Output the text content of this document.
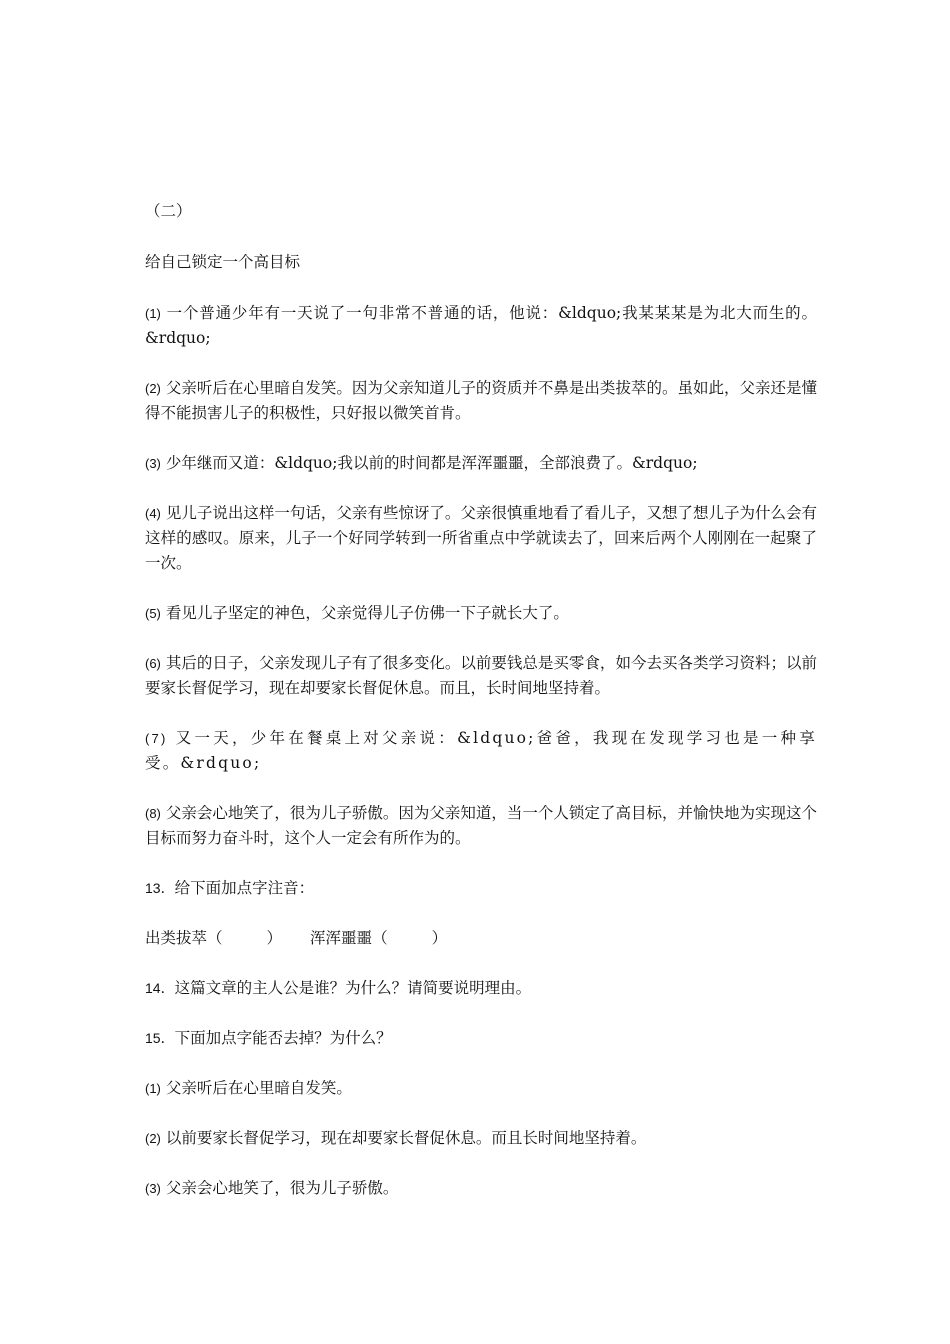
（二）

给自己锁定一个高目标

(1) 一个普通少年有一天说了一句非常不普通的话，他说：&ldquo;我某某某是为北大而生的。&rdquo;

(2) 父亲听后在心里暗自发笑。因为父亲知道儿子的资质并不鼻是出类拔萃的。虽如此，父亲还是懂得不能损害儿子的积极性，只好报以微笑首肯。

(3) 少年继而又道：&ldquo;我以前的时间都是浑浑噩噩，全部浪费了。&rdquo;

(4) 见儿子说出这样一句话，父亲有些惊讶了。父亲很慎重地看了看儿子，又想了想儿子为什么会有这样的感叹。原来，儿子一个好同学转到一所省重点中学就读去了，回来后两个人刚刚在一起聚了一次。

(5) 看见儿子坚定的神色，父亲觉得儿子仿佛一下子就长大了。

(6) 其后的日子，父亲发现儿子有了很多变化。以前要钱总是买零食，如今去买各类学习资料；以前要家长督促学习，现在却要家长督促休息。而且，长时间地坚持着。

(7) 又一天，少年在餐桌上对父亲说：&ldquo;爸爸，我现在发现学习也是一种享受。&rdquo;

(8) 父亲会心地笑了，很为儿子骄傲。因为父亲知道，当一个人锁定了高目标，并愉快地为实现这个目标而努力奋斗时，这个人一定会有所作为的。

13．给下面加点字注音：

出类拔萃（	） 浑浑噩噩（	）

14．这篇文章的主人公是谁？为什么？请简要说明理由。

15．下面加点字能否去掉？为什么？

(1) 父亲听后在心里暗自发笑。

(2) 以前要家长督促学习，现在却要家长督促休息。而且长时间地坚持着。

(3) 父亲会心地笑了，很为儿子骄傲。
